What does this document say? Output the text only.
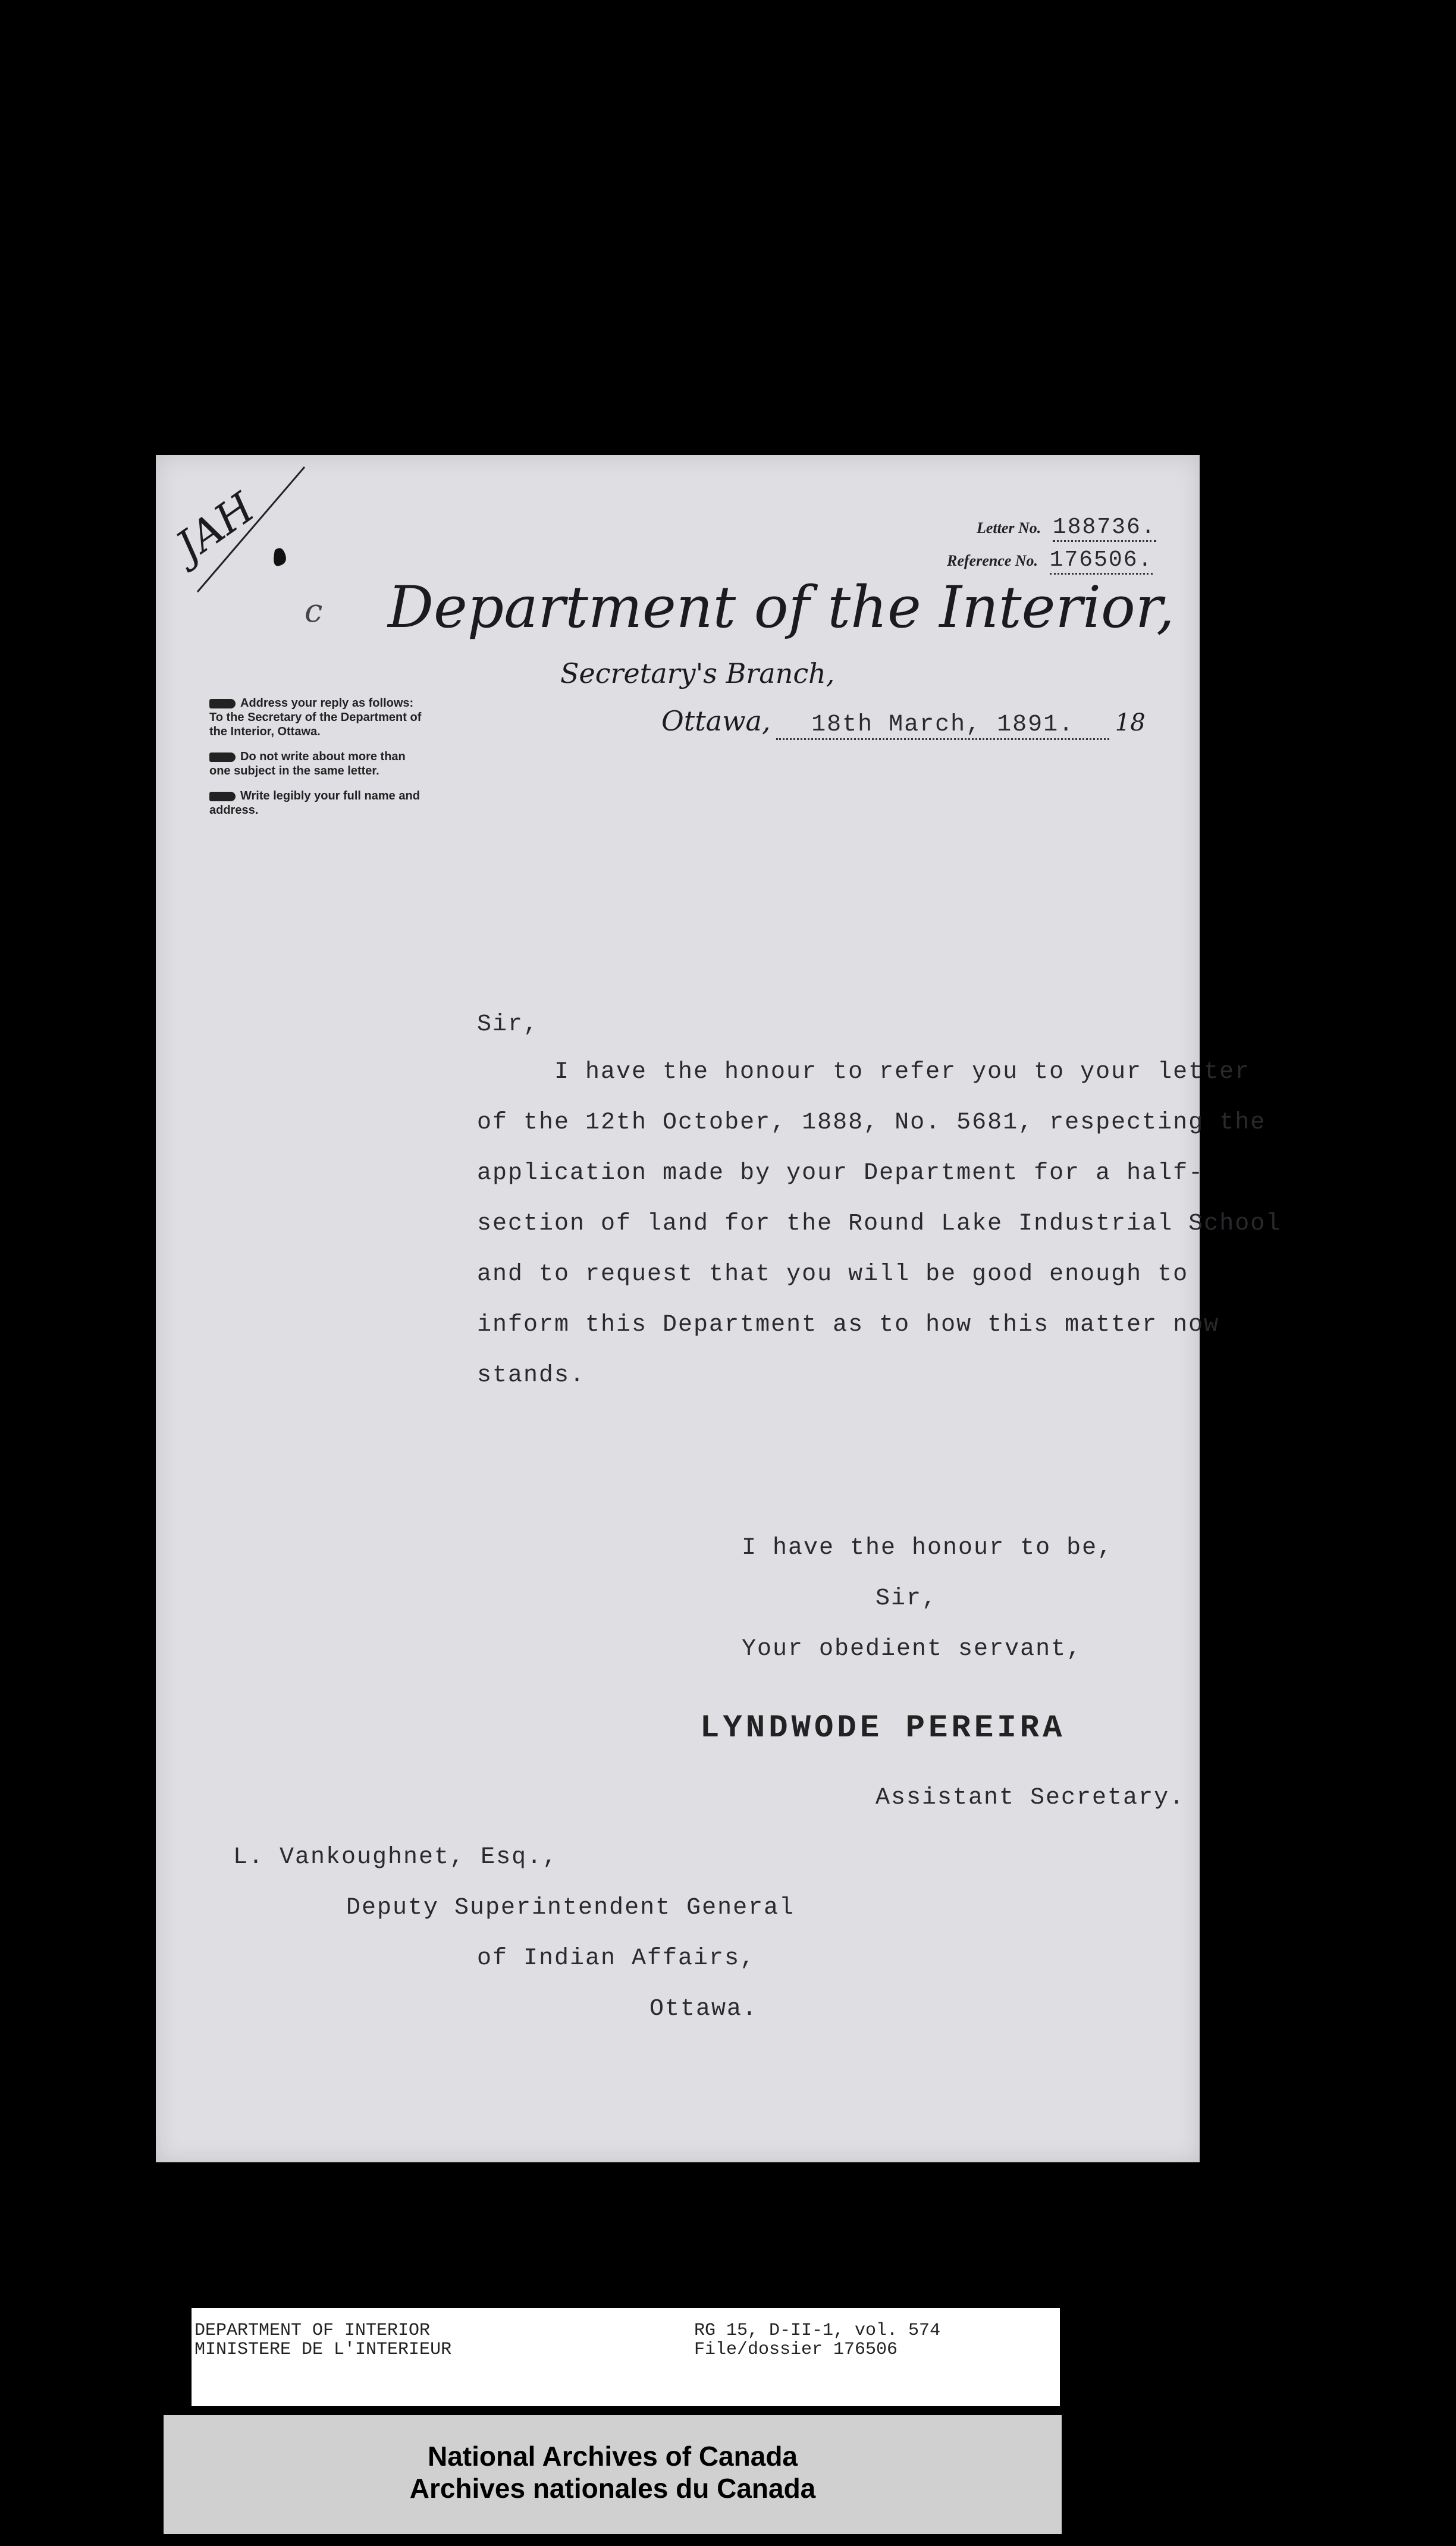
JAH	Letter No. 188736.
Reference No. 176506.
c Department of the Interior,
Secretary's Branch,
Ottawa, 18th March, 1891. 18
Address your reply as follows: To the Secretary of the Department of the Interior, Ottawa.
Do not write about more than one subject in the same letter.
Write legibly your full name and address.
Sir,
I have the honour to refer you to your letter
of the 12th October, 1888, No. 5681, respecting the
application made by your Department for a half-
section of land for the Round Lake Industrial School
and to request that you will be good enough to
inform this Department as to how this matter now
stands.
I have the honour to be,
Sir,
Your obedient servant,
LYNDWODE PEREIRA
Assistant Secretary.
L. Vankoughnet, Esq.,
Deputy Superintendent General
of Indian Affairs,
Ottawa.
DEPARTMENT OF INTERIOR
MINISTERE DE L'INTERIEUR
RG 15, D-II-1, vol. 574
File/dossier 176506
National Archives of Canada
Archives nationales du Canada
